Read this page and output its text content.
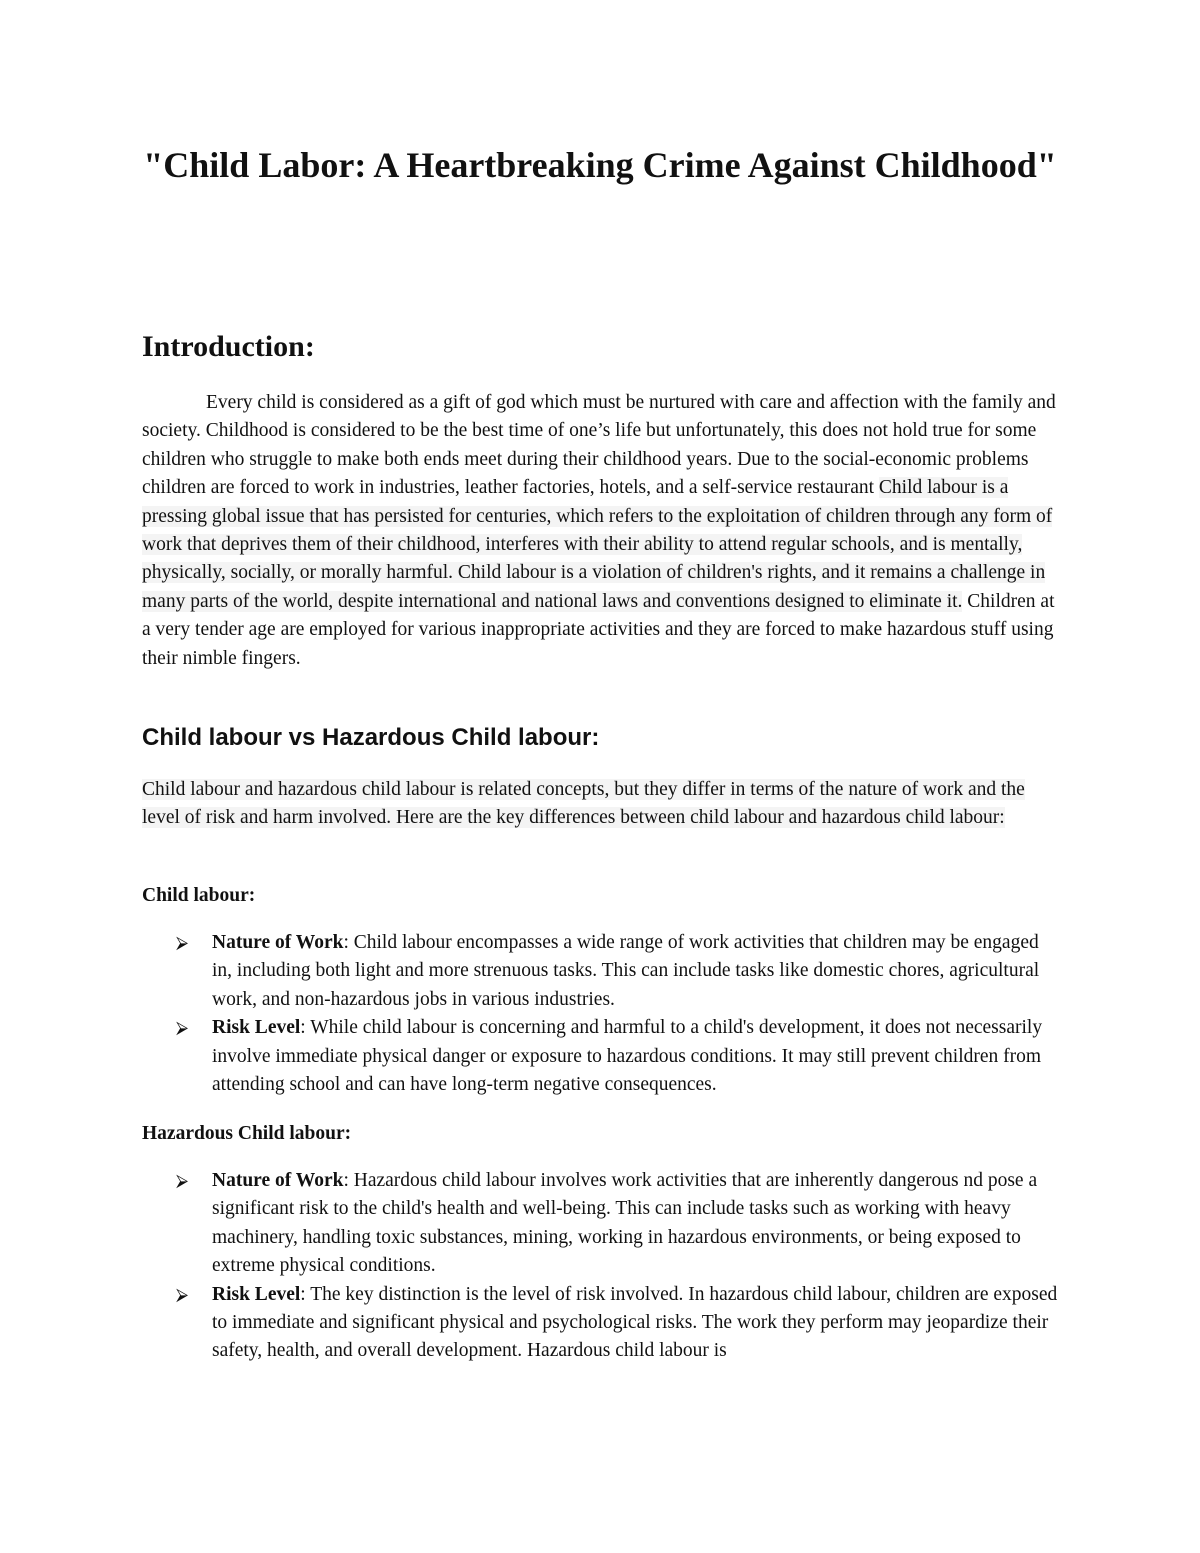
"Child Labor: A Heartbreaking Crime Against Childhood"
Introduction:

Every child is considered as a gift of god which must be nurtured with care and affection with the family and society. Childhood is considered to be the best time of one’s life but unfortunately, this does not hold true for some children who struggle to make both ends meet during their childhood years. Due to the social-economic problems children are forced to work in industries, leather factories, hotels, and a self-service restaurant Child labour is a pressing global issue that has persisted for centuries, which refers to the exploitation of children through any form of work that deprives them of their childhood, interferes with their ability to attend regular schools, and is mentally, physically, socially, or morally harmful. Child labour is a violation of children's rights, and it remains a challenge in many parts of the world, despite international and national laws and conventions designed to eliminate it. Children at a very tender age are employed for various inappropriate activities and they are forced to make hazardous stuff using their nimble fingers.

Child labour vs Hazardous Child labour:

Child labour and hazardous child labour is related concepts, but they differ in terms of the nature of work and the level of risk and harm involved. Here are the key differences between child labour and hazardous child labour:

Child labour:
⮚ Nature of Work: Child labour encompasses a wide range of work activities that children may be engaged in, including both light and more strenuous tasks. This can include tasks like domestic chores, agricultural work, and non-hazardous jobs in various industries.
⮚ Risk Level: While child labour is concerning and harmful to a child's development, it does not necessarily involve immediate physical danger or exposure to hazardous conditions. It may still prevent children from attending school and can have long-term negative consequences.
Hazardous Child labour:
⮚ Nature of Work: Hazardous child labour involves work activities that are inherently dangerous nd pose a significant risk to the child's health and well-being. This can include tasks such as working with heavy machinery, handling toxic substances, mining, working in hazardous environments, or being exposed to extreme physical conditions.
⮚ Risk Level: The key distinction is the level of risk involved. In hazardous child labour, children are exposed to immediate and significant physical and psychological risks. The work they perform may jeopardize their safety, health, and overall development. Hazardous child labour is
